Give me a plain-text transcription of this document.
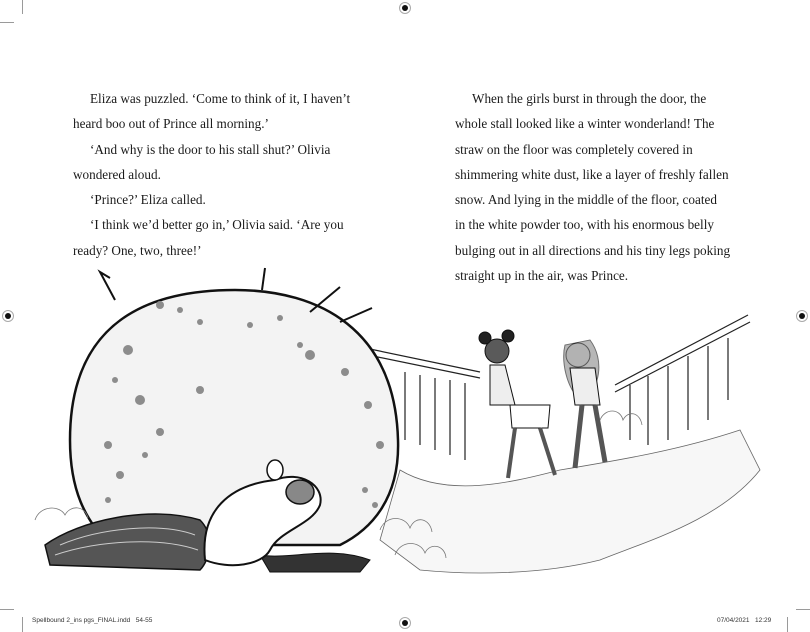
Eliza was puzzled. ‘Come to think of it, I haven’t

heard boo out of Prince all morning.’

‘And why is the door to his stall shut?’ Olivia

wondered aloud.

‘Prince?’ Eliza called.

‘I think we’d better go in,’ Olivia said. ‘Are you

ready? One, two, three!’

When the girls burst in through the door, the

whole stall looked like a winter wonderland! The

straw on the floor was completely covered in

shimmering white dust, like a layer of freshly fallen

snow. And lying in the middle of the floor, coated

in the white powder too, with his enormous belly

bulging out in all directions and his tiny legs poking

straight up in the air, was Prince.

Spellbound 2_ins pgs_FINAL.indd 54-55	07/04/2021 12:29
